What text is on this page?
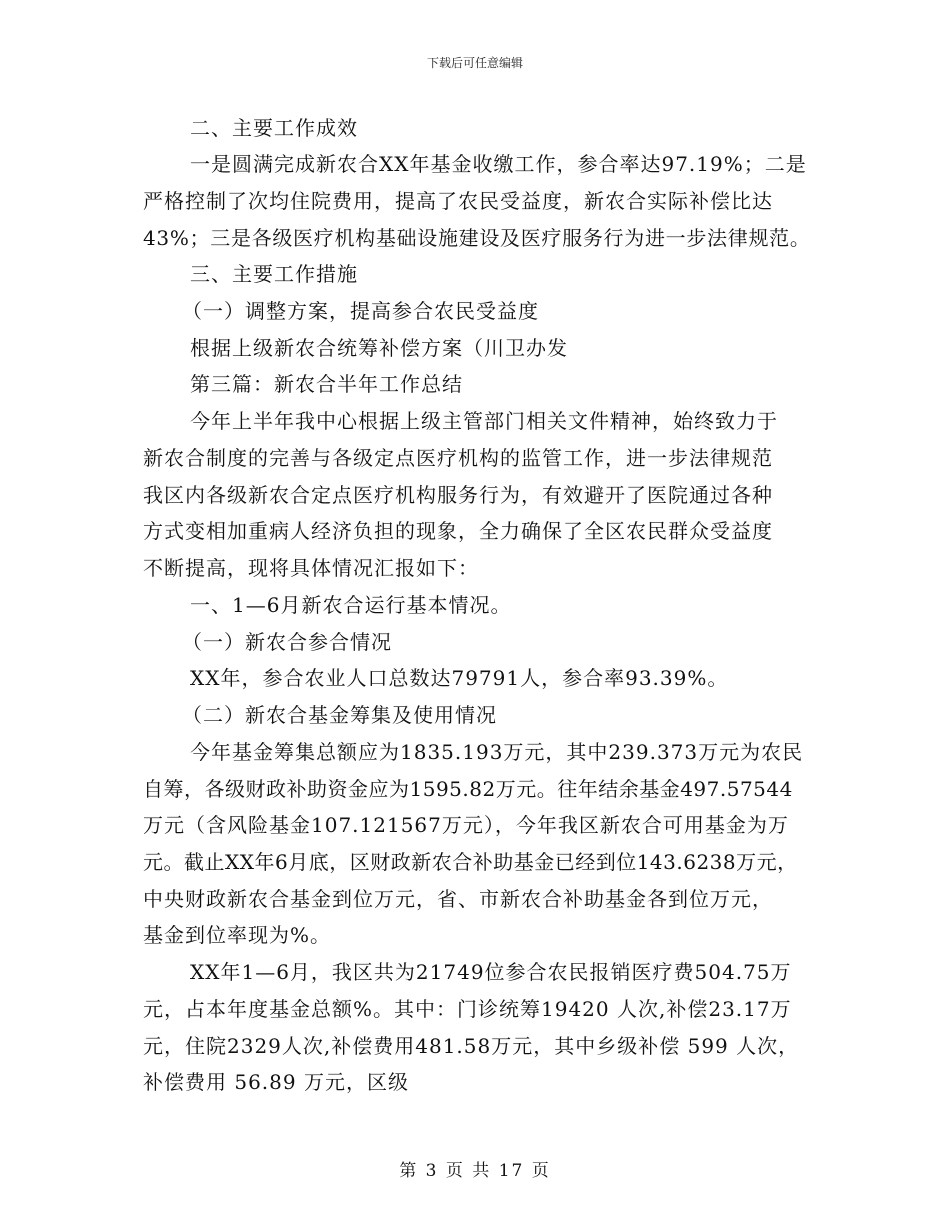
下载后可任意编辑
二、主要工作成效
一是圆满完成新农合XX年基金收缴工作，参合率达97.19%；二是
严格控制了次均住院费用，提高了农民受益度，新农合实际补偿比达
43%；三是各级医疗机构基础设施建设及医疗服务行为进一步法律规范。
三、主要工作措施
（一）调整方案，提高参合农民受益度
根据上级新农合统筹补偿方案（川卫办发
第三篇：新农合半年工作总结
今年上半年我中心根据上级主管部门相关文件精神，始终致力于
新农合制度的完善与各级定点医疗机构的监管工作，进一步法律规范
我区内各级新农合定点医疗机构服务行为，有效避开了医院通过各种
方式变相加重病人经济负担的现象，全力确保了全区农民群众受益度
不断提高，现将具体情况汇报如下：
一、1—6月新农合运行基本情况。
（一）新农合参合情况
XX年，参合农业人口总数达79791人，参合率93.39%。
（二）新农合基金筹集及使用情况
今年基金筹集总额应为1835.193万元，其中239.373万元为农民
自筹，各级财政补助资金应为1595.82万元。往年结余基金497.57544
万元（含风险基金107.121567万元），今年我区新农合可用基金为万
元。截止XX年6月底，区财政新农合补助基金已经到位143.6238万元，
中央财政新农合基金到位万元，省、市新农合补助基金各到位万元，
基金到位率现为%。
XX年1—6月，我区共为21749位参合农民报销医疗费504.75万
元，占本年度基金总额%。其中：门诊统筹19420 人次,补偿23.17万
元，住院2329人次,补偿费用481.58万元，其中乡级补偿 599 人次，
补偿费用 56.89 万元，区级
第 3 页 共 17 页
